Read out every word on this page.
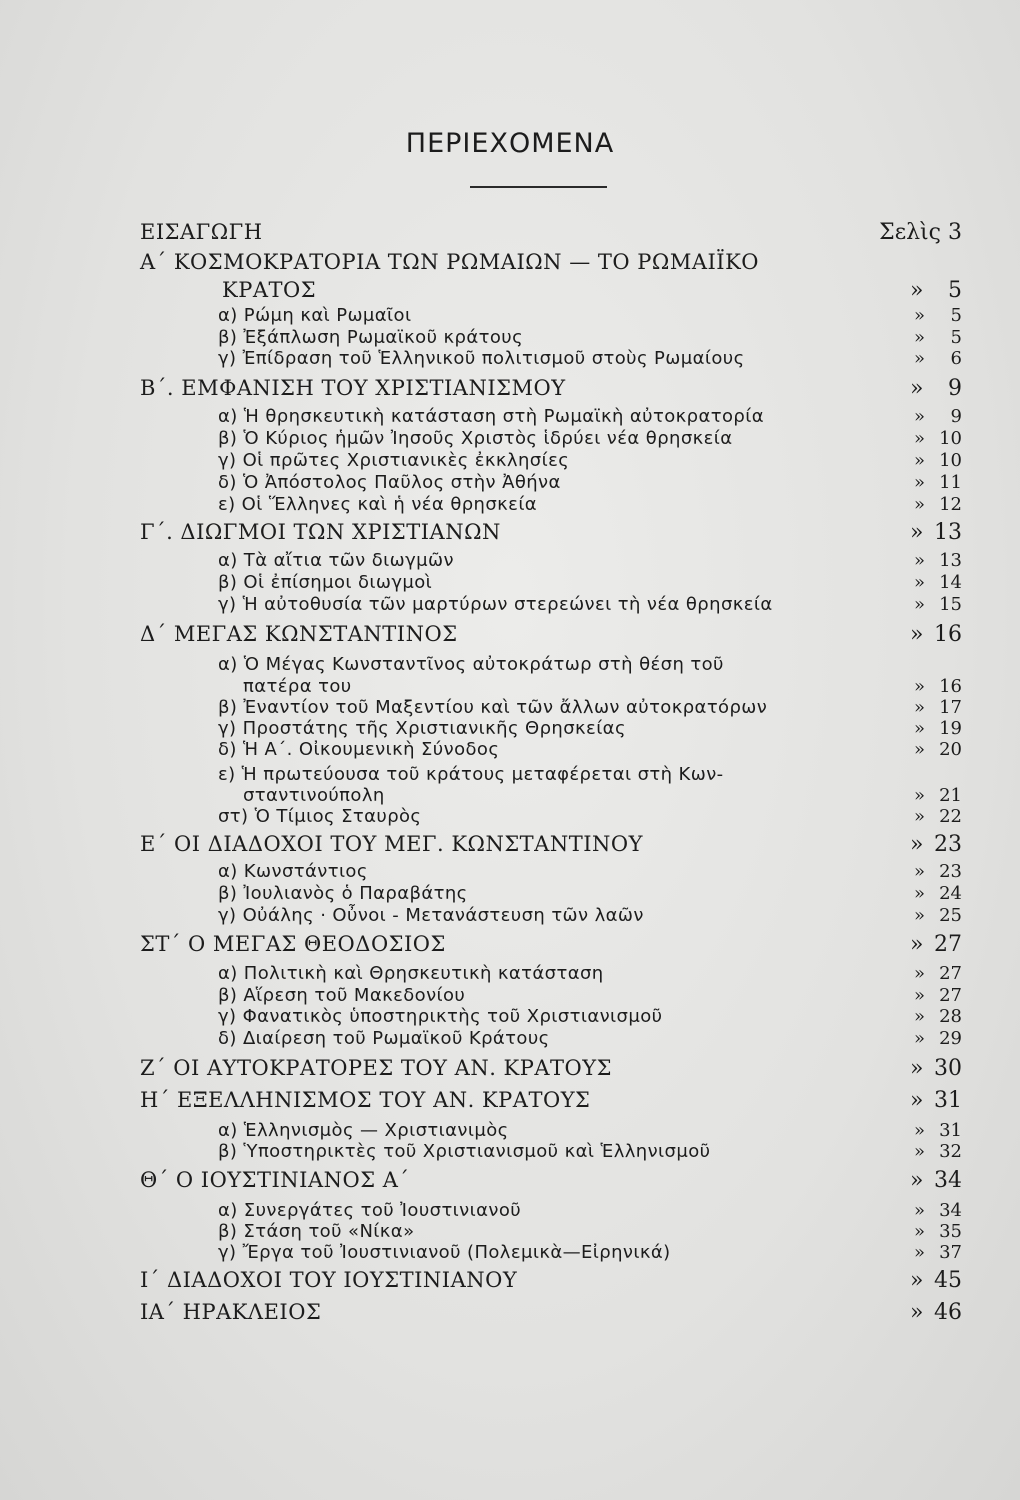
ΠΕΡΙΕΧΟΜΕΝΑ
ΕΙΣΑΓΩΓΗ	Σελὶς 3
Α΄ ΚΟΣΜΟΚΡΑΤΟΡΙΑ ΤΩΝ ΡΩΜΑΙΩΝ — ΤΟ ΡΩΜΑΙΪΚΟ
ΚΡΑΤΟΣ	»	5
α) Ρώμη καὶ Ρωμαῖοι	»	5
β) Ἐξάπλωση Ρωμαϊκοῦ κράτους	»	5
γ) Ἐπίδραση τοῦ Ἑλληνικοῦ πολιτισμοῦ στοὺς Ρωμαίους	»	6
Β΄. ΕΜΦΑΝΙΣΗ ΤΟΥ ΧΡΙΣΤΙΑΝΙΣΜΟΥ	»	9
α) Ἡ θρησκευτικὴ κατάσταση στὴ Ρωμαϊκὴ αὐτοκρατορία	»	9
β) Ὁ Κύριος ἡμῶν Ἰησοῦς Χριστὸς ἱδρύει νέα θρησκεία	» 10
γ) Οἱ πρῶτες Χριστιανικὲς ἐκκλησίες	» 10
δ) Ὁ Ἀπόστολος Παῦλος στὴν Ἀθήνα	» 11
ε) Οἱ Ἕλληνες καὶ ἡ νέα θρησκεία	» 12
Γ΄. ΔΙΩΓΜΟΙ ΤΩΝ ΧΡΙΣΤΙΑΝΩΝ	» 13
α) Τὰ αἴτια τῶν διωγμῶν	» 13
β) Οἱ ἐπίσημοι διωγμοὶ	» 14
γ) Ἡ αὐτοθυσία τῶν μαρτύρων στερεώνει τὴ νέα θρησκεία	» 15
Δ΄ ΜΕΓΑΣ ΚΩΝΣΤΑΝΤΙΝΟΣ	» 16
α) Ὁ Μέγας Κωνσταντῖνος αὐτοκράτωρ στὴ θέση τοῦ
πατέρα του	» 16
β) Ἐναντίον τοῦ Μαξεντίου καὶ τῶν ἄλλων αὐτοκρατόρων	» 17
γ) Προστάτης τῆς Χριστιανικῆς Θρησκείας	» 19
δ) Ἡ Α΄. Οἰκουμενικὴ Σύνοδος	» 20
ε) Ἡ πρωτεύουσα τοῦ κράτους μεταφέρεται στὴ Κων-
σταντινούπολη	» 21
στ) Ὁ Τίμιος Σταυρὸς	» 22
Ε΄ ΟΙ ΔΙΑΔΟΧΟΙ ΤΟΥ ΜΕΓ. ΚΩΝΣΤΑΝΤΙΝΟΥ	» 23
α) Κωνστάντιος	» 23
β) Ἰουλιανὸς ὁ Παραβάτης	» 24
γ) Οὐάλης · Οὖνοι - Μετανάστευση τῶν λαῶν	» 25
ΣΤ΄ Ο ΜΕΓΑΣ ΘΕΟΔΟΣΙΟΣ	» 27
α) Πολιτικὴ καὶ Θρησκευτικὴ κατάσταση	» 27
β) Αἵρεση τοῦ Μακεδονίου	» 27
γ) Φανατικὸς ὑποστηρικτὴς τοῦ Χριστιανισμοῦ	» 28
δ) Διαίρεση τοῦ Ρωμαϊκοῦ Κράτους	» 29
Ζ΄ ΟΙ ΑΥΤΟΚΡΑΤΟΡΕΣ ΤΟΥ ΑΝ. ΚΡΑΤΟΥΣ	» 30
Η΄ ΕΞΕΛΛΗΝΙΣΜΟΣ ΤΟΥ ΑΝ. ΚΡΑΤΟΥΣ	» 31
α) Ἑλληνισμὸς — Χριστιανιμὸς	» 31
β) Ὑποστηρικτὲς τοῦ Χριστιανισμοῦ καὶ Ἑλληνισμοῦ	» 32
Θ΄ Ο ΙΟΥΣΤΙΝΙΑΝΟΣ Α΄	» 34
α) Συνεργάτες τοῦ Ἰουστινιανοῦ	» 34
β) Στάση τοῦ «Νίκα»	» 35
γ) Ἔργα τοῦ Ἰουστινιανοῦ (Πολεμικὰ—Εἰρηνικά)	» 37
Ι΄ ΔΙΑΔΟΧΟΙ ΤΟΥ ΙΟΥΣΤΙΝΙΑΝΟΥ	» 45
ΙΑ΄ ΗΡΑΚΛΕΙΟΣ	» 46
